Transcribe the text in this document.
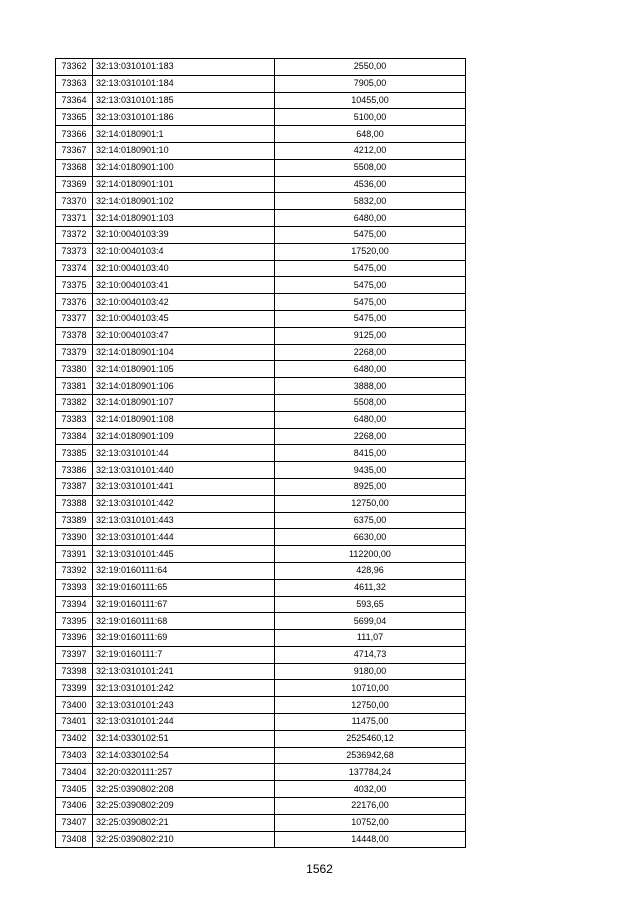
73362	32:13:0310101:183	2550,00
73363	32:13:0310101:184	7905,00
73364	32:13:0310101:185	10455,00
73365	32:13:0310101:186	5100,00
73366	32:14:0180901:1	648,00
73367	32:14:0180901:10	4212,00
73368	32:14:0180901:100	5508,00
73369	32:14:0180901:101	4536,00
73370	32:14:0180901:102	5832,00
73371	32:14:0180901:103	6480,00
73372	32:10:0040103:39	5475,00
73373	32:10:0040103:4	17520,00
73374	32:10:0040103:40	5475,00
73375	32:10:0040103:41	5475,00
73376	32:10:0040103:42	5475,00
73377	32:10:0040103:45	5475,00
73378	32:10:0040103:47	9125,00
73379	32:14:0180901:104	2268,00
73380	32:14:0180901:105	6480,00
73381	32:14:0180901:106	3888,00
73382	32:14:0180901:107	5508,00
73383	32:14:0180901:108	6480,00
73384	32:14:0180901:109	2268,00
73385	32:13:0310101:44	8415,00
73386	32:13:0310101:440	9435,00
73387	32:13:0310101:441	8925,00
73388	32:13:0310101:442	12750,00
73389	32:13:0310101:443	6375,00
73390	32:13:0310101:444	6630,00
73391	32:13:0310101:445	112200,00
73392	32:19:0160111:64	428,96
73393	32:19:0160111:65	4611,32
73394	32:19:0160111:67	593,65
73395	32:19:0160111:68	5699,04
73396	32:19:0160111:69	111,07
73397	32:19:0160111:7	4714,73
73398	32:13:0310101:241	9180,00
73399	32:13:0310101:242	10710,00
73400	32:13:0310101:243	12750,00
73401	32:13:0310101:244	11475,00
73402	32:14:0330102:51	2525460,12
73403	32:14:0330102:54	2536942,68
73404	32:20:0320111:257	137784,24
73405	32:25:0390802:208	4032,00
73406	32:25:0390802:209	22176,00
73407	32:25:0390802:21	10752,00
73408	32:25:0390802:210	14448,00
1562
